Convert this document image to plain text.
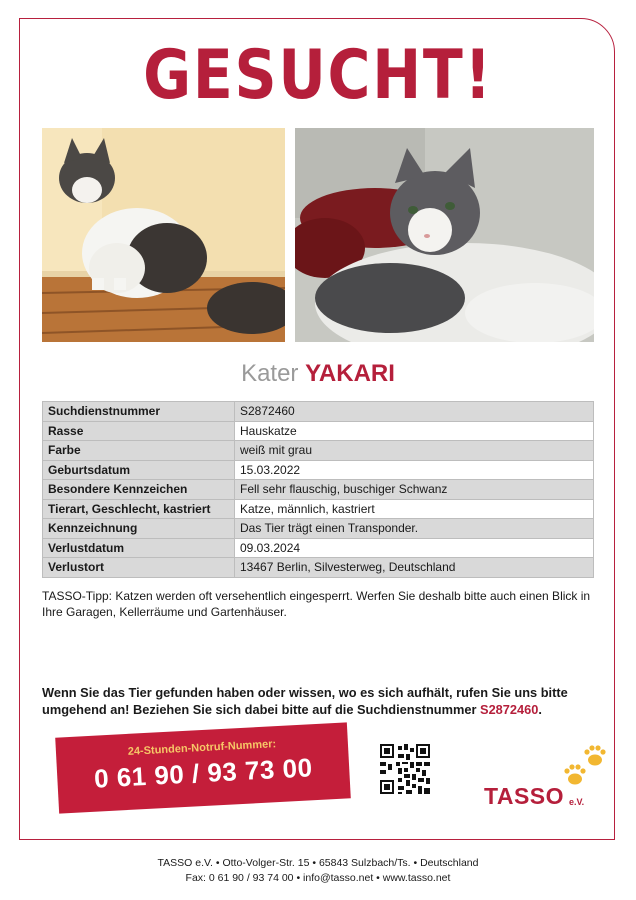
GESUCHT!
Kater YAKARI
Suchdienstnummer	S2872460
Rasse	Hauskatze
Farbe	weiß mit grau
Geburtsdatum	15.03.2022
Besondere Kennzeichen	Fell sehr flauschig, buschiger Schwanz
Tierart, Geschlecht, kastriert	Katze, männlich, kastriert
Kennzeichnung	Das Tier trägt einen Transponder.
Verlustdatum	09.03.2024
Verlustort	13467 Berlin, Silvesterweg, Deutschland
TASSO-Tipp: Katzen werden oft versehentlich eingesperrt. Werfen Sie deshalb bitte auch einen Blick in Ihre Garagen, Kellerräume und Gartenhäuser.
Wenn Sie das Tier gefunden haben oder wissen, wo es sich aufhält, rufen Sie uns bitte umgehend an! Beziehen Sie sich dabei bitte auf die Suchdienstnummer S2872460.
24-Stunden-Notruf-Nummer:
0 61 90 / 93 73 00
TASSO e.V.
TASSO e.V. • Otto-Volger-Str. 15 • 65843 Sulzbach/Ts. • Deutschland
Fax: 0 61 90 / 93 74 00 • info@tasso.net • www.tasso.net
